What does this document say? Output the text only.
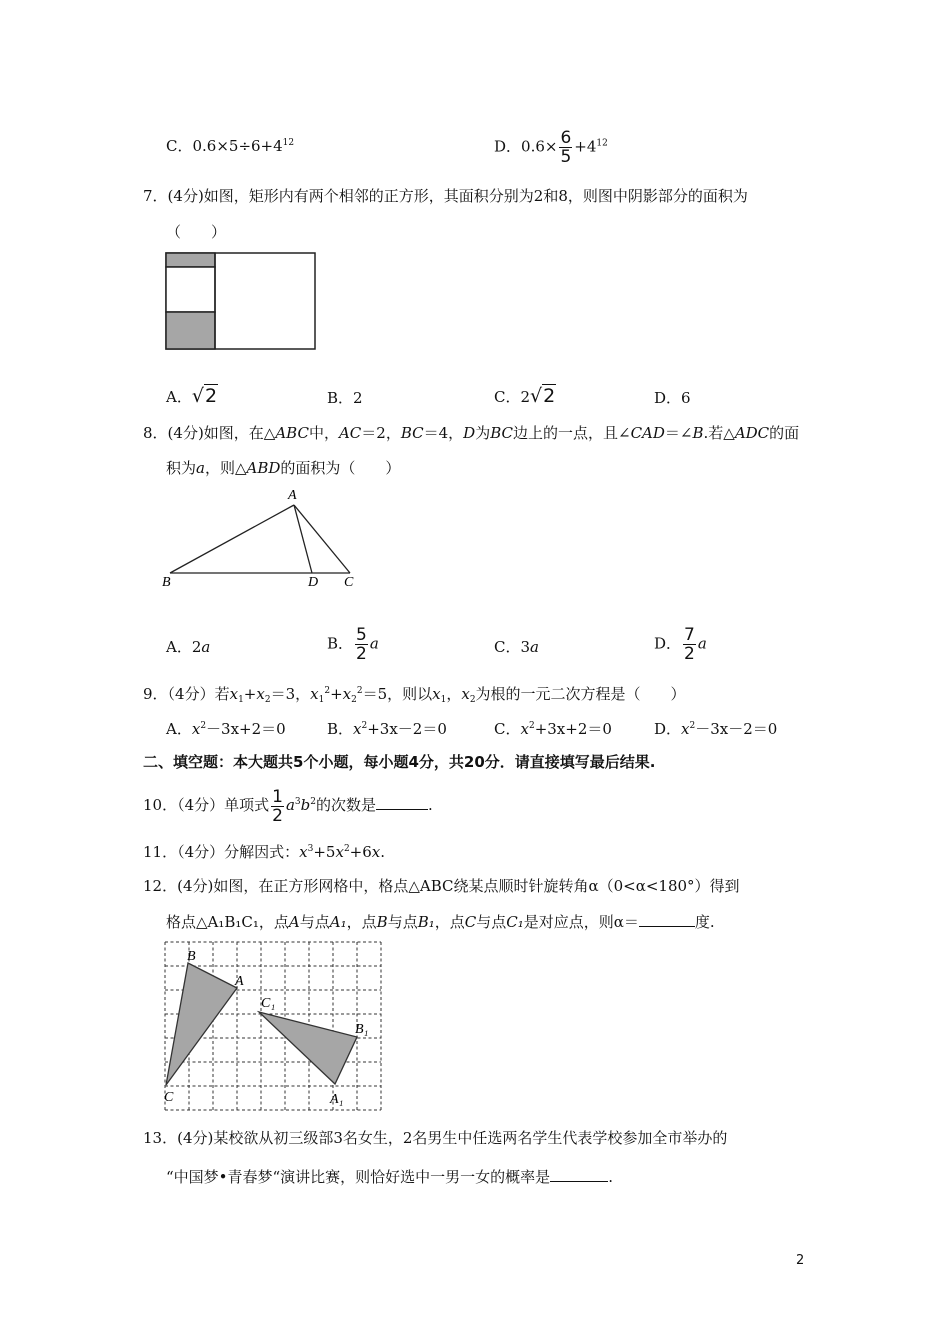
C．$0.6\times 5\div 6+4^{12}$	D．$0.6\times \frac{6}{5} +4^{12}$
7．(4分)如图，矩形内有两个相邻的正方形，其面积分别为2和8，则图中阴影部分的面积为
（　　）
A．√2	B．2	C．2√2	D．6
8．(4分)如图，在△ABC中，AC＝2，BC＝4，D为BC边上的一点，且∠CAD＝∠B.若△ADC的面
积为a，则△ABD的面积为（　　）
A
B	D C
A．2a	B． $\frac{5}{2}$ a	C．3a	D． $\frac{7}{2}$ a
9．（4分）若$x_1+x_2=3$，$x_1^2+x_2^2=5$，则以$x_1$，$x_2$为根的一元二次方程是（　　）
A．$x^2-3x+2=0$	B．$x^2+3x-2=0$	C．$x^2+3x+2=0$	D．$x^2-3x-2=0$
二、填空题：本大题共5个小题，每小题4分，共20分．请直接填写最后结果.
10．（4分）单项式 $\frac{1}{2} a^3b^2$的次数是	.
11．（4分）分解因式：$x^3+5x^2+6x$.
12．(4分)如图，在正方形网格中，格点△ABC绕某点顺时针旋转角α（0<α<180°）得到
格点△A₁B₁C₁，点A与点A₁，点B与点B₁，点C与点C₁是对应点，则α＝	度.
B
A
C
C₁
B₁
A₁
13．(4分)某校欲从初三级部3名女生，2名男生中任选两名学生代表学校参加全市举办的
“中国梦•青春梦“演讲比赛，则恰好选中一男一女的概率是	.
2
